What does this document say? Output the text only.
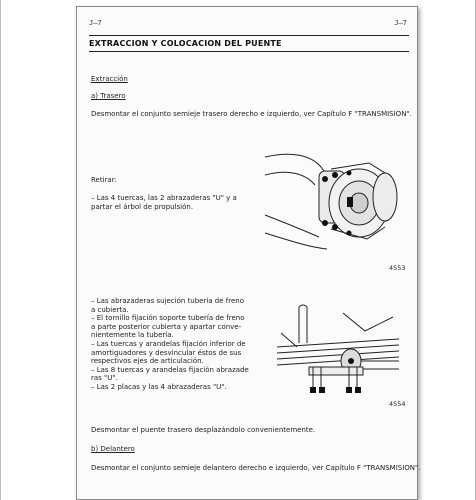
J–7	J–7
EXTRACCION Y COLOCACION DEL PUENTE
Extracción
a) Trasero
Desmontar el conjunto semieje trasero derecho e izquierdo, ver Capítulo F "TRANSMISION".
Retirar:
– Las 4 tuercas, las 2 abrazaderas "U" y a
partar el árbol de propulsión.
4553
– Las abrazaderas sujeción tubería de freno
a cubierta.
– El tornillo fijación soporte tubería de freno
a parte posterior cubierta y apartar conve-
nientemente la tubería.
– Las tuercas y arandelas fijación inferior de
amortiguadores y desvincular éstos de sus
respectivos ejes de articulación.
– Las 8 tuercas y arandelas fijación abrazade
ras "U".
– Las 2 placas y las 4 abrazaderas "U".
4554
Desmontar el puente trasero desplazándolo convenientemente.
b) Delantero
Desmontar el conjunto semieje delantero derecho e izquierdo, ver Capítulo F "TRANSMISION".
